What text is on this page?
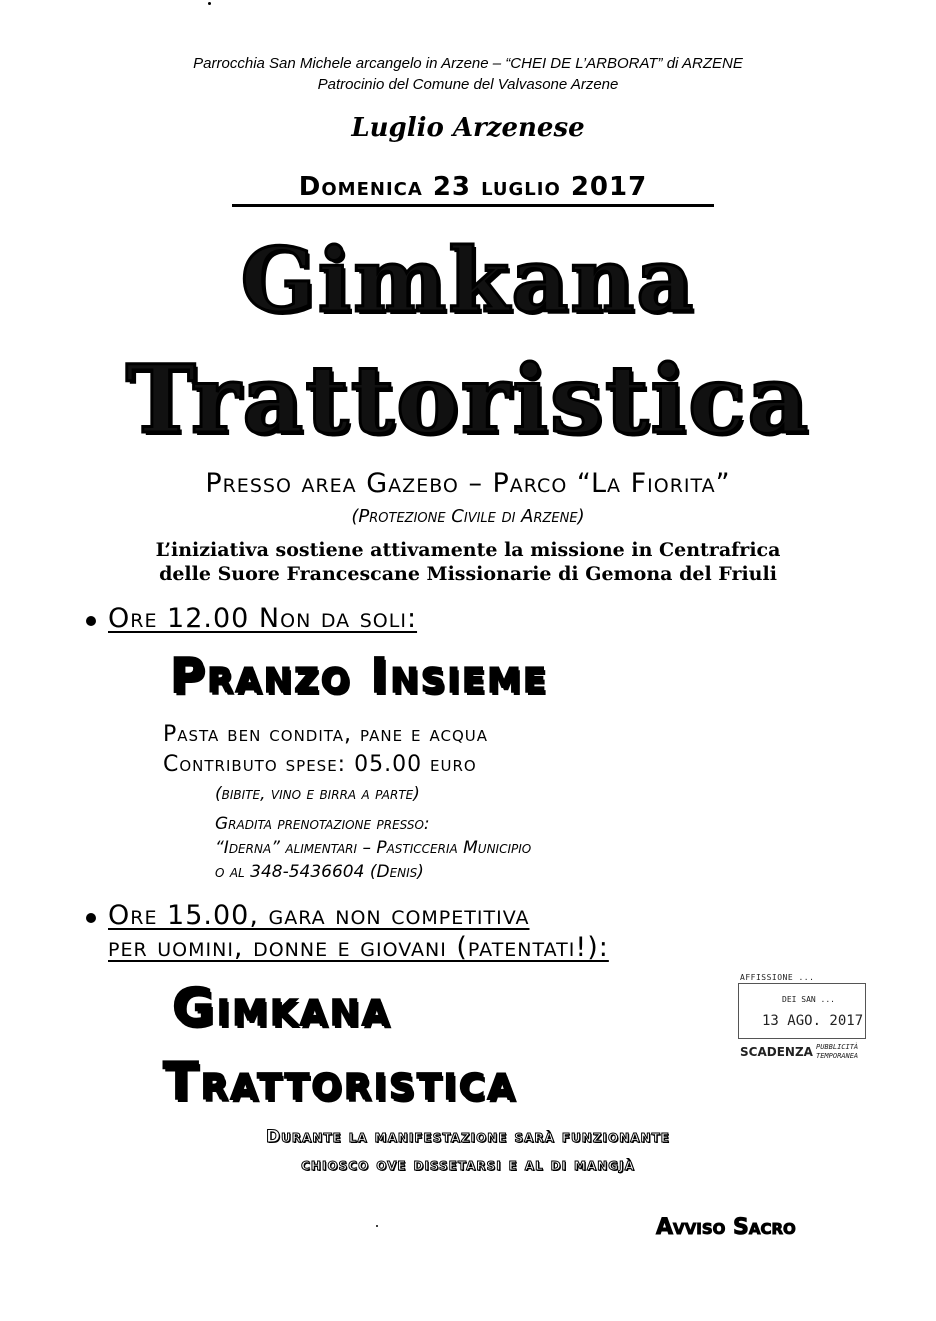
Parrocchia San Michele arcangelo in Arzene – “CHEI DE L’ARBORAT” di ARZENE
Patrocinio del Comune del Valvasone Arzene
Luglio Arzenese
Domenica 23 luglio 2017
Gimkana
Trattoristica
Presso area Gazebo – Parco “La Fiorita”
(Protezione Civile di Arzene)
L’iniziativa sostiene attivamente la missione in Centrafrica
delle Suore Francescane Missionarie di Gemona del Friuli
Ore 12.00 Non da soli:
Pranzo Insieme
Pasta ben condita, pane e acqua
Contributo spese: 05.00 euro
(bibite, vino e birra a parte)
Gradita prenotazione presso:
“Iderna” alimentari – Pasticceria Municipio
o al 348-5436604 (Denis)
Ore 15.00, gara non competitiva
per uomini, donne e giovani (patentati!):
Gimkana
Trattoristica
AFFISSIONE ...
DEI SAN ...
13 AGO. 2017
SCADENZA PUBBLICITÀ TEMPORANEA
Durante la manifestazione sarà funzionante
chiosco ove dissetarsi e al di mangjà
Avviso Sacro
